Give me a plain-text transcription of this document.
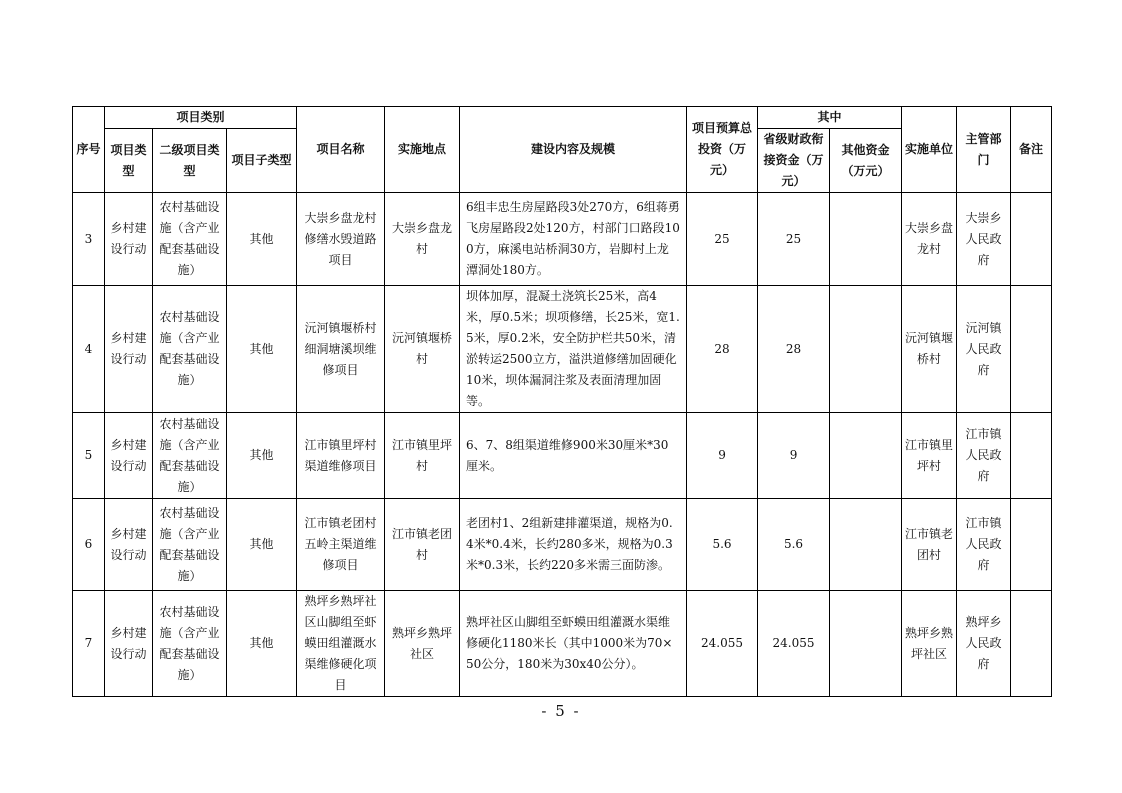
序号	项目类别			项目名称	实施地点	建设内容及规模	项目预算总投资（万元）	其中		实施单位	主管部门	备注
	项目类型	二级项目类型	项目子类型					省级财政衔接资金（万元）	其他资金（万元）			
3	乡村建设行动	农村基础设施（含产业配套基础设施）	其他	大崇乡盘龙村修缮水毁道路项目	大崇乡盘龙村	6组丰忠生房屋路段3处270方，6组蒋勇飞房屋路段2处120方，村部门口路段100方，麻溪电站桥洞30方，岩脚村上龙潭洞处180方。	25	25		大崇乡盘龙村	大崇乡人民政府	
4	乡村建设行动	农村基础设施（含产业配套基础设施）	其他	沅河镇堰桥村细洞塘溪坝维修项目	沅河镇堰桥村	坝体加厚，混凝土浇筑长25米，高4米，厚0.5米；坝项修缮，长25米，宽1.5米，厚0.2米，安全防护栏共50米，清淤转运2500立方，溢洪道修缮加固硬化10米，坝体漏洞注浆及表面清理加固等。	28	28		沅河镇堰桥村	沅河镇人民政府	
5	乡村建设行动	农村基础设施（含产业配套基础设施）	其他	江市镇里坪村渠道维修项目	江市镇里坪村	6、7、8组渠道维修900米30厘米*30厘米。	9	9		江市镇里坪村	江市镇人民政府	
6	乡村建设行动	农村基础设施（含产业配套基础设施）	其他	江市镇老团村五岭主渠道维修项目	江市镇老团村	老团村1、2组新建排灌渠道，规格为0.4米*0.4米，长约280多米，规格为0.3米*0.3米，长约220多米需三面防渗。	5.6	5.6		江市镇老团村	江市镇人民政府	
7	乡村建设行动	农村基础设施（含产业配套基础设施）	其他	熟坪乡熟坪社区山脚组至虾蟆田组灌溉水渠维修硬化项目	熟坪乡熟坪社区	熟坪社区山脚组至虾蟆田组灌溉水渠维修硬化1180米长（其中1000米为70×50公分，180米为30x40公分）。	24.055	24.055		熟坪乡熟坪社区	熟坪乡人民政府	
- 5 -
